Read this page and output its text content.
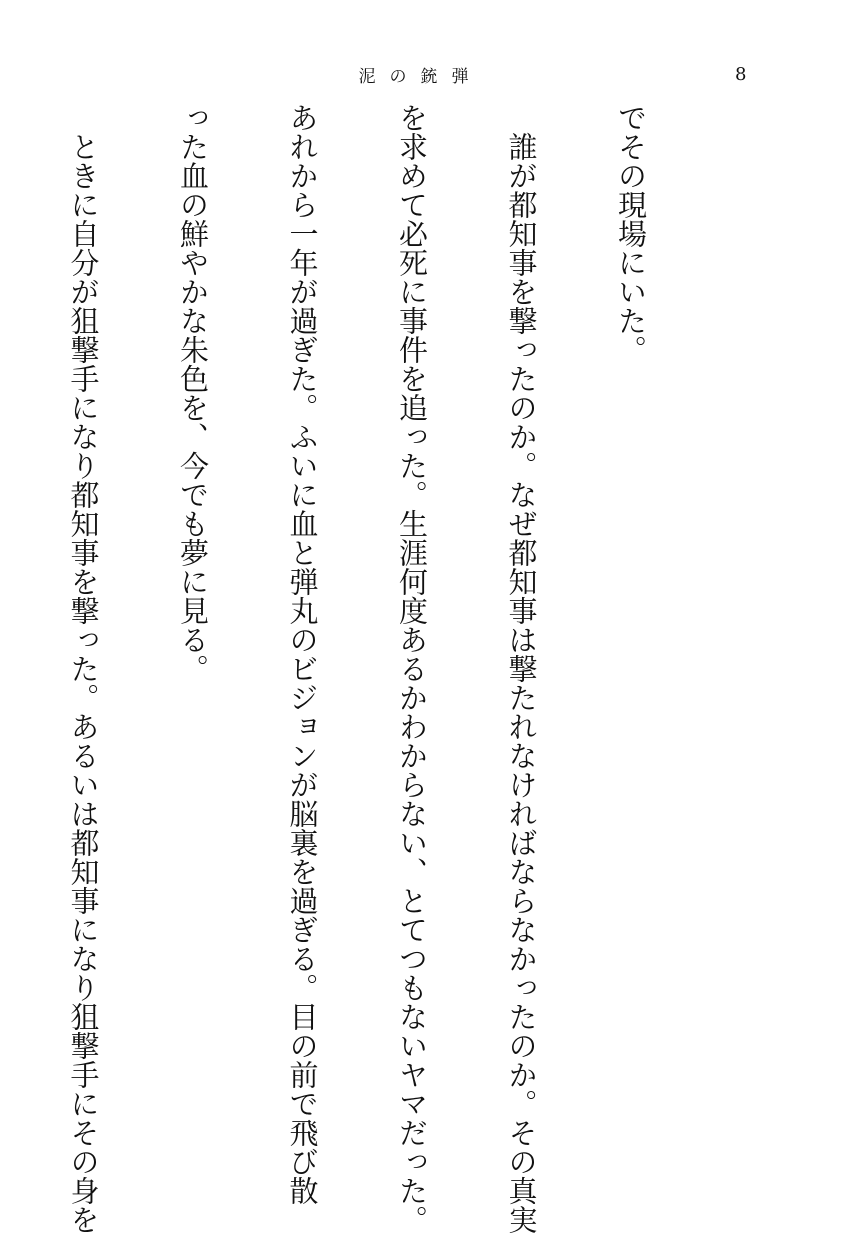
泥の銃弾	8

でその現場にいた。

　誰が都知事を撃ったのか。なぜ都知事は撃たれなければならなかったのか。その真実

を求めて必死に事件を追った。生涯何度あるかわからない、とてつもないヤマだった。

あれから一年が過ぎた。ふいに血と弾丸のビジョンが脳裏を過ぎる。目の前で飛び散

った血の鮮やかな朱色を、今でも夢に見る。

　ときに自分が狙撃手になり都知事を撃った。あるいは都知事になり狙撃手にその身を
